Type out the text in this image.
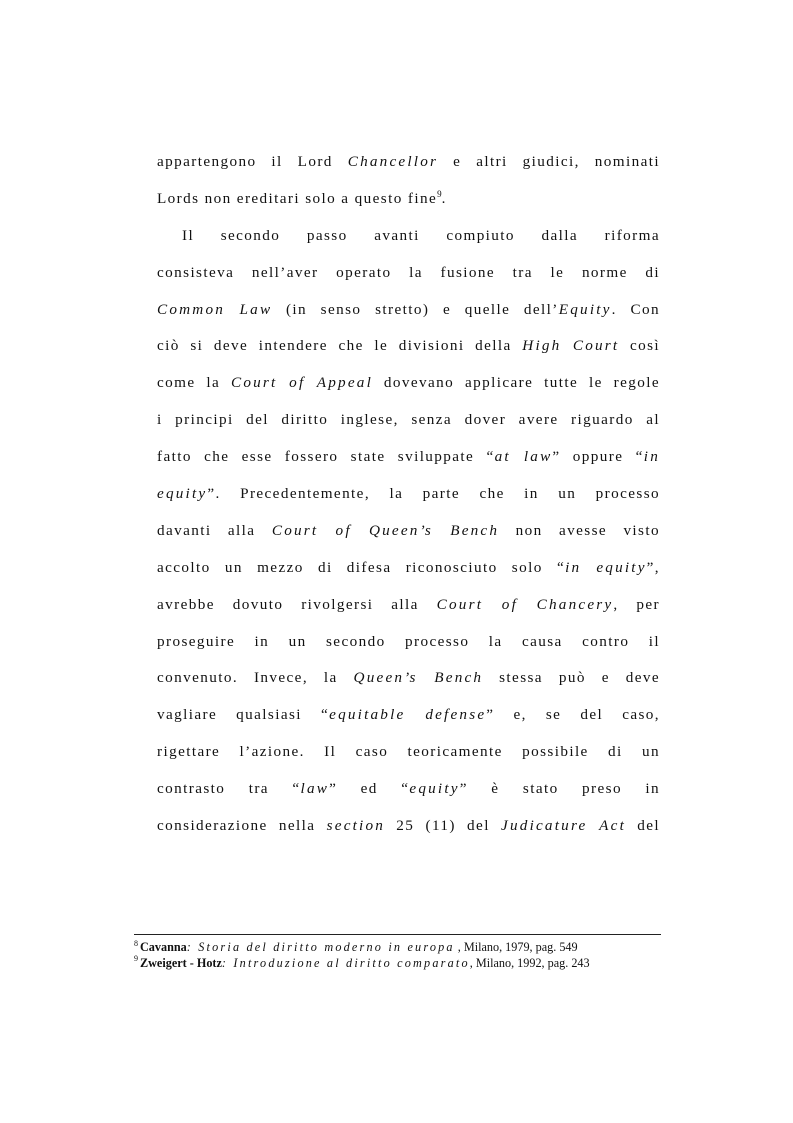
appartengono il Lord Chancellor e altri giudici, nominati
Lords non ereditari solo a questo fine$^9$.
Il secondo passo avanti compiuto dalla riforma
consisteva nell’aver operato la fusione tra le norme di
Common Law (in senso stretto) e quelle dell’Equity. Con
ciò si deve intendere che le divisioni della High Court così
come la Court of Appeal dovevano applicare tutte le regole
i principi del diritto inglese, senza dover avere riguardo al
fatto che esse fossero state sviluppate “at law” oppure “in
equity”. Precedentemente, la parte che in un processo
davanti alla Court of Queen’s Bench non avesse visto
accolto un mezzo di difesa riconosciuto solo “in equity”,
avrebbe dovuto rivolgersi alla Court of Chancery, per
proseguire in un secondo processo la causa contro il
convenuto. Invece, la Queen’s Bench stessa può e deve
vagliare qualsiasi “equitable defense” e, se del caso,
rigettare l’azione. Il caso teoricamente possibile di un
contrasto tra “law” ed “equity” è stato preso in
considerazione nella section 25 (11) del Judicature Act del
$^8$ Cavanna: Storia del diritto moderno in europa , Milano, 1979, pag. 549
$^9$ Zweigert - Hotz: Introduzione al diritto comparato, Milano, 1992, pag. 243
